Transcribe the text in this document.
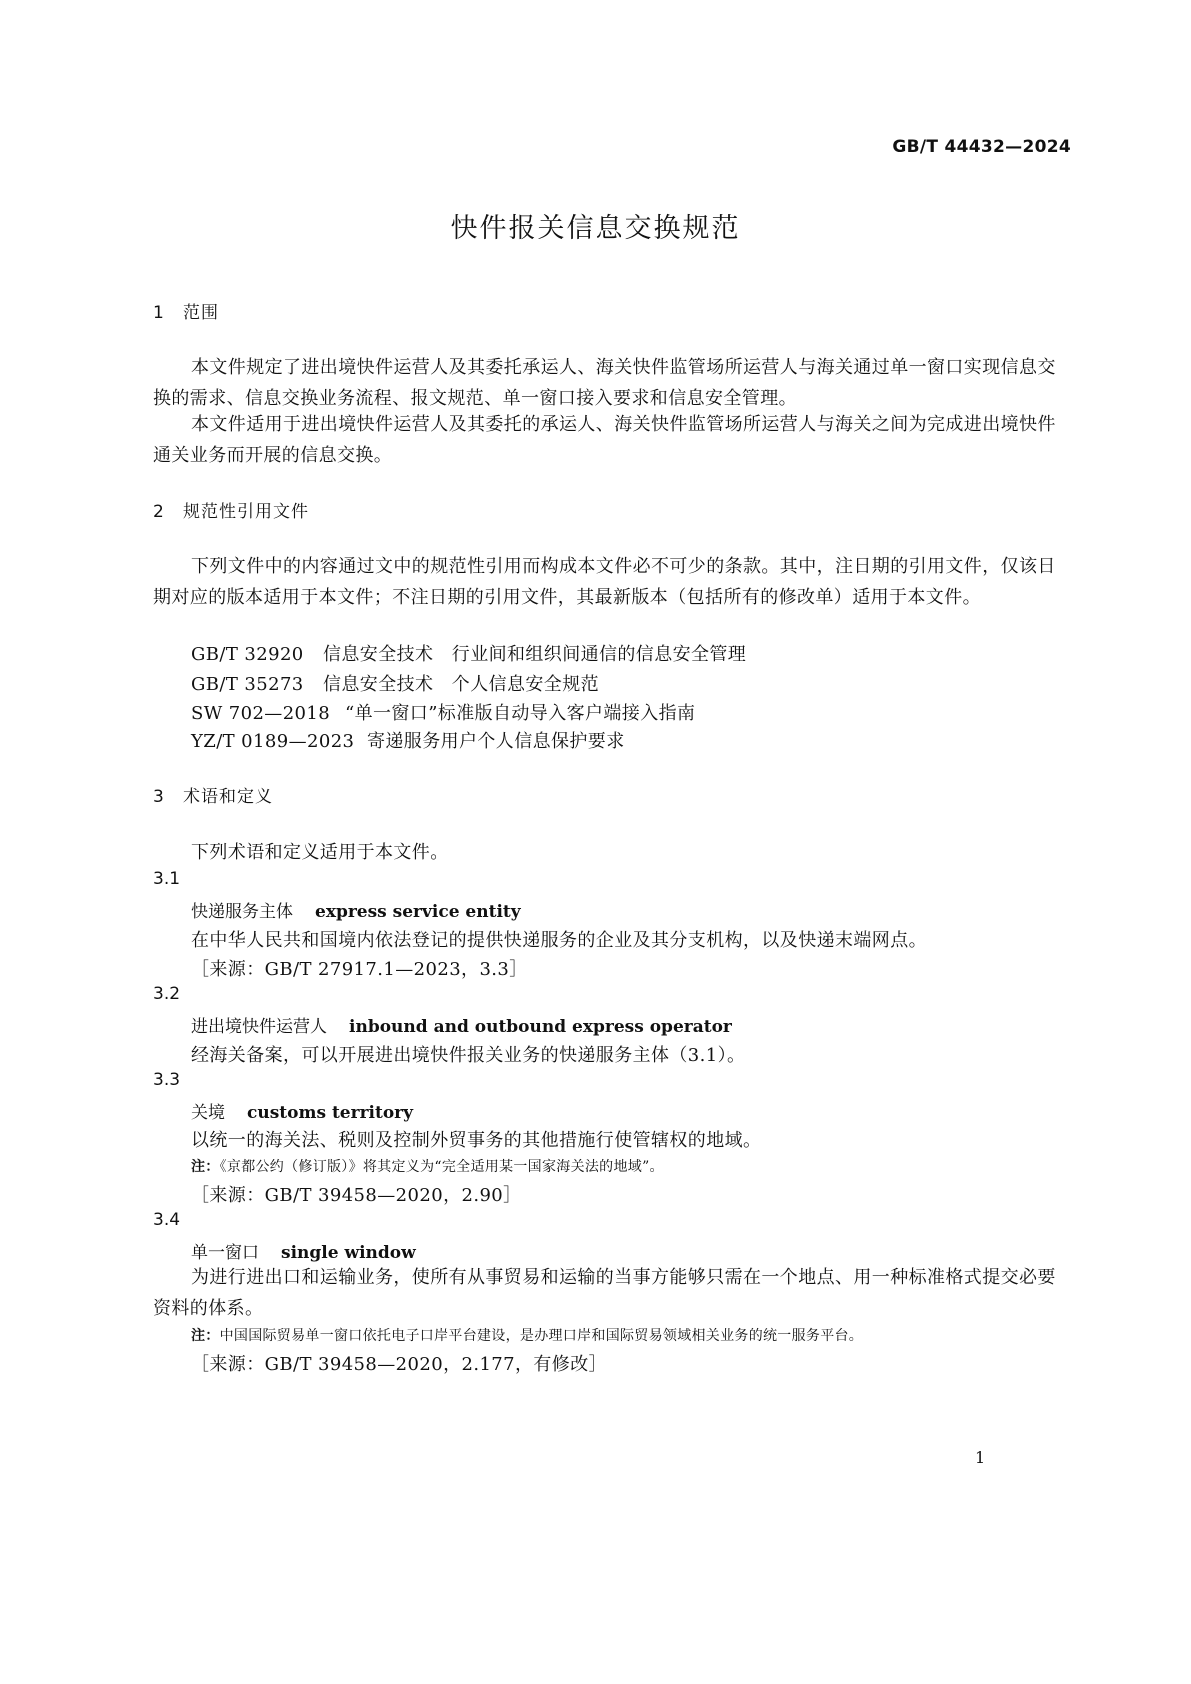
GB/T 44432—2024
快件报关信息交换规范
1 范围
本文件规定了进出境快件运营人及其委托承运人、海关快件监管场所运营人与海关通过单一窗口实现信息交换的需求、信息交换业务流程、报文规范、单一窗口接入要求和信息安全管理。
本文件适用于进出境快件运营人及其委托的承运人、海关快件监管场所运营人与海关之间为完成进出境快件通关业务而开展的信息交换。
2 规范性引用文件
下列文件中的内容通过文中的规范性引用而构成本文件必不可少的条款。其中，注日期的引用文件，仅该日期对应的版本适用于本文件；不注日期的引用文件，其最新版本（包括所有的修改单）适用于本文件。
GB/T 32920 信息安全技术　行业间和组织间通信的信息安全管理
GB/T 35273 信息安全技术　个人信息安全规范
SW 702—2018 “单一窗口”标准版自动导入客户端接入指南
YZ/T 0189—2023 寄递服务用户个人信息保护要求
3 术语和定义
下列术语和定义适用于本文件。
3.1
快递服务主体 express service entity
在中华人民共和国境内依法登记的提供快递服务的企业及其分支机构，以及快递末端网点。
［来源：GB/T 27917.1—2023，3.3］
3.2
进出境快件运营人 inbound and outbound express operator
经海关备案，可以开展进出境快件报关业务的快递服务主体（3.1）。
3.3
关境 customs territory
以统一的海关法、税则及控制外贸事务的其他措施行使管辖权的地域。
注：《京都公约（修订版）》将其定义为“完全适用某一国家海关法的地域”。
［来源：GB/T 39458—2020，2.90］
3.4
单一窗口 single window
为进行进出口和运输业务，使所有从事贸易和运输的当事方能够只需在一个地点、用一种标准格式提交必要资料的体系。
注：中国国际贸易单一窗口依托电子口岸平台建设，是办理口岸和国际贸易领域相关业务的统一服务平台。
［来源：GB/T 39458—2020，2.177，有修改］
1
